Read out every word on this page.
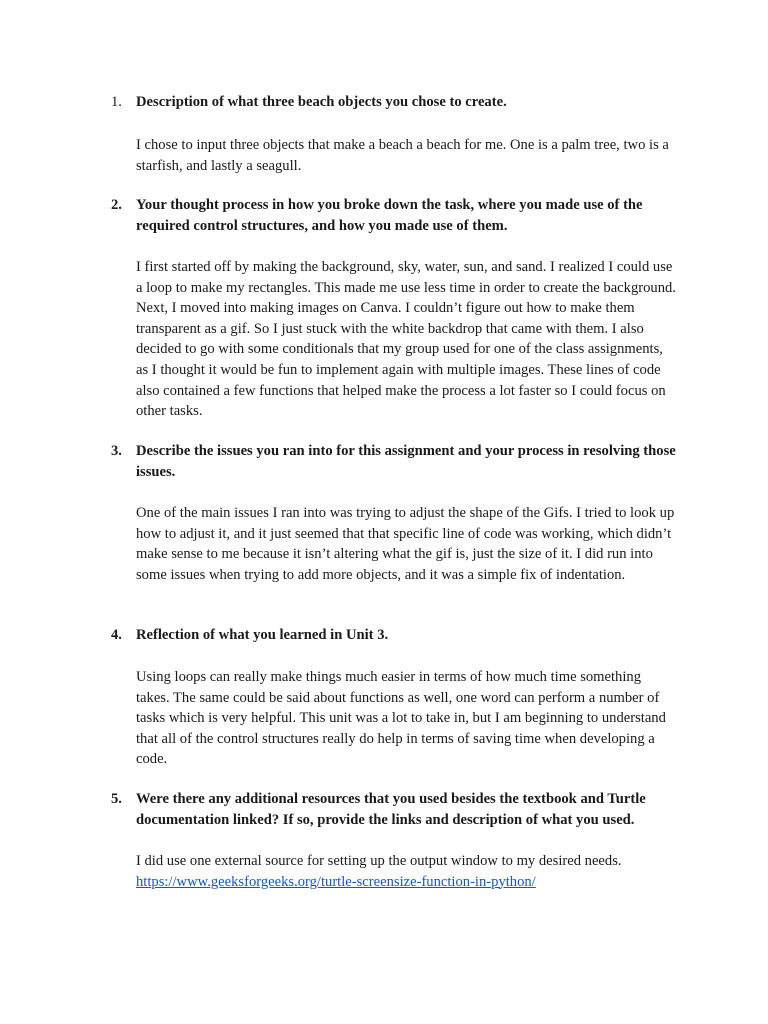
1. Description of what three beach objects you chose to create.

I chose to input three objects that make a beach a beach for me. One is a palm tree, two is a starfish, and lastly a seagull.

2. Your thought process in how you broke down the task, where you made use of the required control structures, and how you made use of them.

I first started off by making the background, sky, water, sun, and sand. I realized I could use a loop to make my rectangles. This made me use less time in order to create the background. Next, I moved into making images on Canva. I couldn’t figure out how to make them transparent as a gif. So I just stuck with the white backdrop that came with them. I also decided to go with some conditionals that my group used for one of the class assignments, as I thought it would be fun to implement again with multiple images. These lines of code also contained a few functions that helped make the process a lot faster so I could focus on other tasks.

3. Describe the issues you ran into for this assignment and your process in resolving those issues.

One of the main issues I ran into was trying to adjust the shape of the Gifs. I tried to look up how to adjust it, and it just seemed that that specific line of code was working, which didn’t make sense to me because it isn’t altering what the gif is, just the size of it. I did run into some issues when trying to add more objects, and it was a simple fix of indentation.

4. Reflection of what you learned in Unit 3.

Using loops can really make things much easier in terms of how much time something takes. The same could be said about functions as well, one word can perform a number of tasks which is very helpful. This unit was a lot to take in, but I am beginning to understand that all of the control structures really do help in terms of saving time when developing a code.

5. Were there any additional resources that you used besides the textbook and Turtle documentation linked? If so, provide the links and description of what you used.

I did use one external source for setting up the output window to my desired needs.
https://www.geeksforgeeks.org/turtle-screensize-function-in-python/
